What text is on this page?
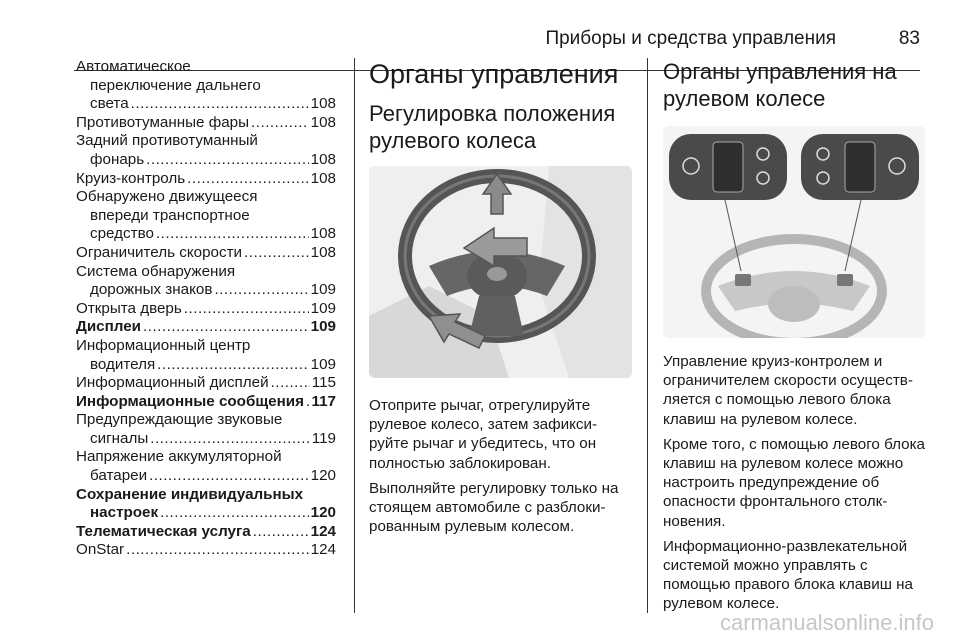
Приборы и средства управления	83
Автоматическое
переключение дальнего
света .....	108
Противотуманные фары .....	108
Задний противотуманный
фонарь .....	108
Круиз-контроль .....	108
Обнаружено движущееся
впереди транспортное
средство .....	108
Ограничитель скорости .....	108
Система обнаружения
дорожных знаков .....	109
Открыта дверь .....	109
Дисплеи .....	109
Информационный центр
водителя .....	109
Информационный дисплей .....	115
Информационные сообщения ..... 117
Предупреждающие звуковые
сигналы .....	119
Напряжение аккумуляторной
батареи .....	120
Сохранение индивидуальных
настроек .....	120
Телематическая услуга .....	124
OnStar .....	124
Органы управления
Регулировка положения рулевого колеса

Отоприте рычаг, отрегулируйте рулевое колесо, затем зафикси-руйте рычаг и убедитесь, что он полностью заблокирован.

Выполняйте регулировку только на стоящем автомобиле с разблоки-рованным рулевым колесом.

Органы управления на рулевом колесе

Управление круиз-контролем и ограничителем скорости осуществ-ляется с помощью левого блока клавиш на рулевом колесе.

Кроме того, с помощью левого блока клавиш на рулевом колесе можно настроить предупреждение об опасности фронтального столк-новения.

Информационно-развлекательной системой можно управлять с помощью правого блока клавиш на рулевом колесе.

carmanualsonline.info
